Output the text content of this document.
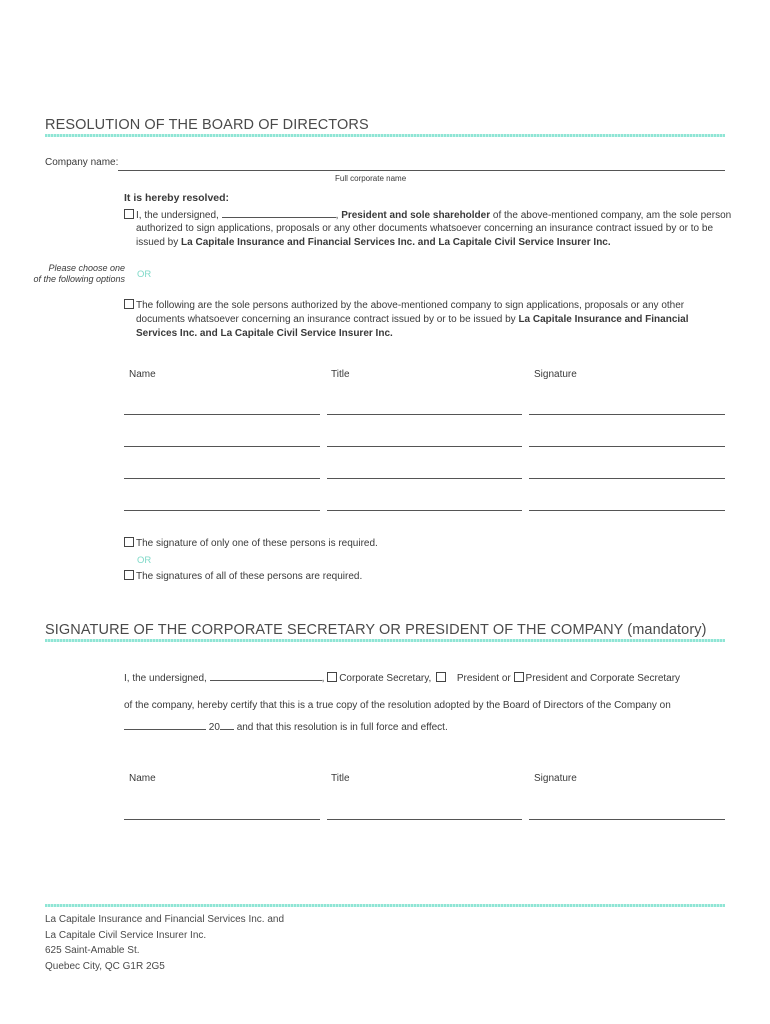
RESOLUTION OF THE BOARD OF DIRECTORS
Company name:
Full corporate name
It is hereby resolved:
I, the undersigned,	, President and sole shareholder of the above-mentioned company, am the sole person
authorized to sign applications, proposals or any other documents whatsoever concerning an insurance contract issued by or to be
issued by La Capitale Insurance and Financial Services Inc. and La Capitale Civil Service Insurer Inc.
Please choose one
of the following options OR
The following are the sole persons authorized by the above-mentioned company to sign applications, proposals or any other
documents whatsoever concerning an insurance contract issued by or to be issued by La Capitale Insurance and Financial
Services Inc. and La Capitale Civil Service Insurer Inc.
Name	Title	Signature
The signature of only one of these persons is required.
OR
The signatures of all of these persons are required.
SIGNATURE OF THE CORPORATE SECRETARY OR PRESIDENT OF THE COMPANY (mandatory)
I, the undersigned,	, Corporate Secretary,	President or President and Corporate Secretary
of the company, hereby certify that this is a true copy of the resolution adopted by the Board of Directors of the Company on
20 and that this resolution is in full force and effect.
Name	Title	Signature
La Capitale Insurance and Financial Services Inc. and
La Capitale Civil Service Insurer Inc.
625 Saint-Amable St.
Quebec City, QC G1R 2G5
